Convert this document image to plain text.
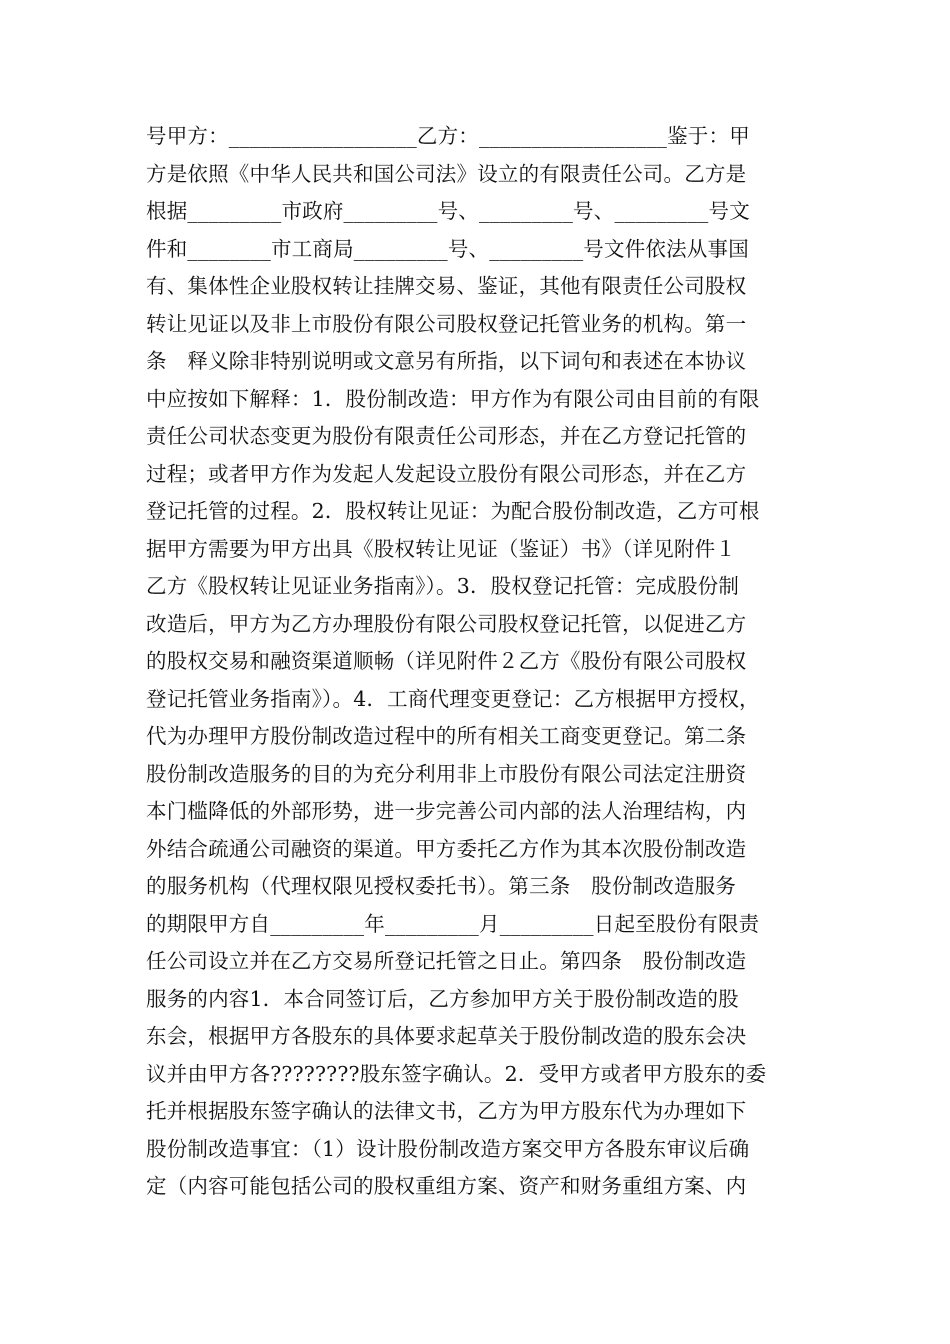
号甲方：__________________乙方：__________________鉴于：甲
方是依照《中华人民共和国公司法》设立的有限责任公司。乙方是
根据_________市政府_________号、_________号、_________号文
件和________市工商局_________号、_________号文件依法从事国
有、集体性企业股权转让挂牌交易、鉴证，其他有限责任公司股权
转让见证以及非上市股份有限公司股权登记托管业务的机构。第一
条　释义除非特别说明或文意另有所指，以下词句和表述在本协议
中应按如下解释：1．股份制改造：甲方作为有限公司由目前的有限
责任公司状态变更为股份有限责任公司形态，并在乙方登记托管的
过程；或者甲方作为发起人发起设立股份有限公司形态，并在乙方
登记托管的过程。2．股权转让见证：为配合股份制改造，乙方可根
据甲方需要为甲方出具《股权转让见证（鉴证）书》（详见附件１
乙方《股权转让见证业务指南》）。3．股权登记托管：完成股份制
改造后，甲方为乙方办理股份有限公司股权登记托管，以促进乙方
的股权交易和融资渠道顺畅（详见附件２乙方《股份有限公司股权
登记托管业务指南》）。4．工商代理变更登记：乙方根据甲方授权，
代为办理甲方股份制改造过程中的所有相关工商变更登记。第二条
股份制改造服务的目的为充分利用非上市股份有限公司法定注册资
本门槛降低的外部形势，进一步完善公司内部的法人治理结构，内
外结合疏通公司融资的渠道。甲方委托乙方作为其本次股份制改造
的服务机构（代理权限见授权委托书）。第三条　股份制改造服务
的期限甲方自_________年_________月_________日起至股份有限责
任公司设立并在乙方交易所登记托管之日止。第四条　股份制改造
服务的内容1．本合同签订后，乙方参加甲方关于股份制改造的股
东会，根据甲方各股东的具体要求起草关于股份制改造的股东会决
议并由甲方各????????股东签字确认。2．受甲方或者甲方股东的委
托并根据股东签字确认的法律文书，乙方为甲方股东代为办理如下
股份制改造事宜：（1）设计股份制改造方案交甲方各股东审议后确
定（内容可能包括公司的股权重组方案、资产和财务重组方案、内
